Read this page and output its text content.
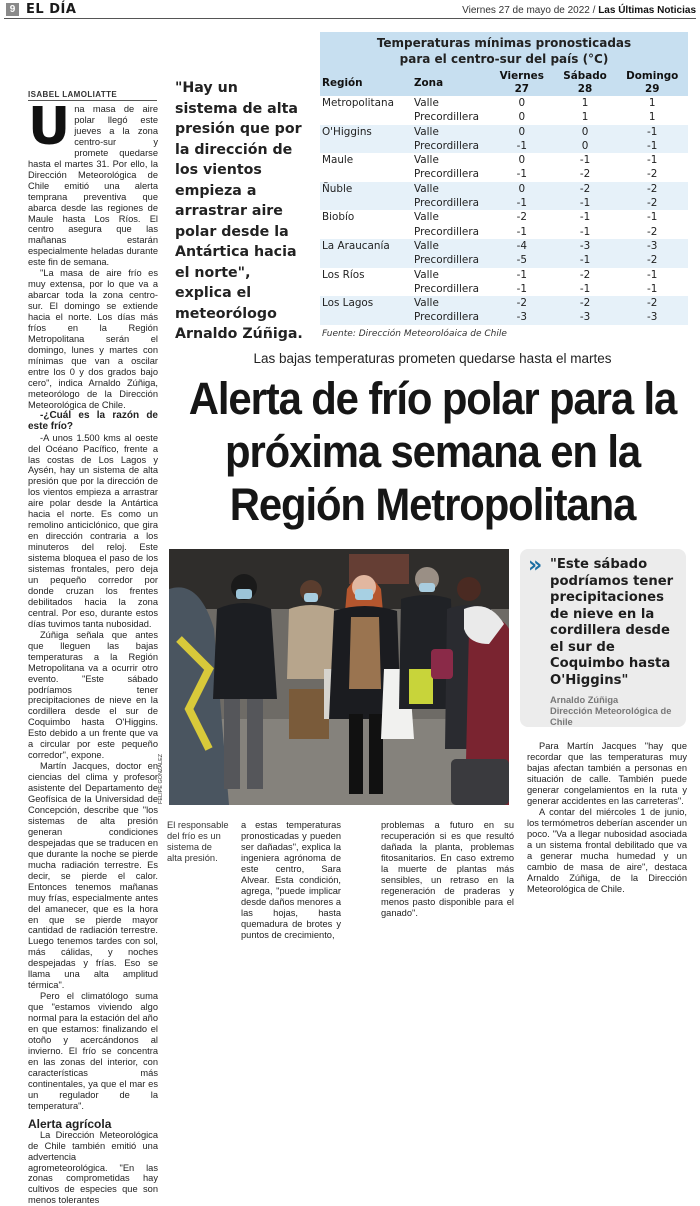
9 EL DÍA	Viernes 27 de mayo de 2022 / Las Últimas Noticias
ISABEL LAMOLIATTE

Una masa de aire polar llegó este jueves a la zona centro-sur y promete quedarse hasta el martes 31. Por ello, la Dirección Meteorológica de Chile emitió una alerta temprana preventiva que abarca desde las regiones de Maule hasta Los Ríos. El centro asegura que las mañanas estarán especialmente heladas durante este fin de semana.

"La masa de aire frío es muy extensa, por lo que va a abarcar toda la zona centro-sur. El domingo se extiende hacia el norte. Los días más fríos en la Región Metropolitana serán el domingo, lunes y martes con mínimas que van a oscilar entre los 0 y dos grados bajo cero", indica Arnaldo Zúñiga, meteorólogo de la Dirección Meteorológica de Chile.

-¿Cuál es la razón de este frío?

-A unos 1.500 kms al oeste del Océano Pacífico, frente a las costas de Los Lagos y Aysén, hay un sistema de alta presión que por la dirección de los vientos empieza a arrastrar aire polar desde la Antártica hacia el norte. Es como un remolino anticiclónico, que gira en dirección contraria a los minuteros del reloj. Este sistema bloquea el paso de los sistemas frontales, pero deja un pequeño corredor por donde cruzan los frentes debilitados hacia la zona central. Por eso, durante estos días tuvimos tanta nubosidad.

Zúñiga señala que antes que lleguen las bajas temperaturas a la Región Metropolitana va a ocurrir otro evento. "Este sábado podríamos tener precipitaciones de nieve en la cordillera desde el sur de Coquimbo hasta O'Higgins. Esto debido a un frente que va a circular por este pequeño corredor", expone.

Martín Jacques, doctor en ciencias del clima y profesor asistente del Departamento de Geofísica de la Universidad de Concepción, describe que "los sistemas de alta presión generan condiciones despejadas que se traducen en que durante la noche se pierde mucha radiación terrestre. Es decir, se pierde el calor. Entonces tenemos mañanas muy frías, especialmente antes del amanecer, que es la hora en que se pierde mayor cantidad de radiación terrestre. Luego tenemos tardes con sol, más cálidas, y noches despejadas y frías. Eso se llama una alta amplitud térmica".

Pero el climatólogo suma que "estamos viviendo algo normal para la estación del año en que estamos: finalizando el otoño y acercándonos al invierno. El frío se concentra en las zonas del interior, con características más continentales, ya que el mar es un regulador de la temperatura".

Alerta agrícola

La Dirección Meteorológica de Chile también emitió una advertencia agrometeorológica. "En las zonas comprometidas hay cultivos de especies que son menos tolerantes

"Hay un sistema de alta presión que por la dirección de los vientos empieza a arrastrar aire polar desde la Antártica hacia el norte", explica el meteorólogo Arnaldo Zúñiga.
Temperaturas mínimas pronosticadas
para el centro-sur del país (°C)
Región	Zona	Viernes 27	Sábado 28	Domingo 29
Metropolitana	Valle	0	1	1
	Precordillera	0	1	1
O'Higgins	Valle	0	0	-1
	Precordillera	-1	0	-1
Maule	Valle	0	-1	-1
	Precordillera	-1	-2	-2
Ñuble	Valle	0	-2	-2
	Precordillera	-1	-1	-2
Biobío	Valle	-2	-1	-1
	Precordillera	-1	-1	-2
La Araucanía	Valle	-4	-3	-3
	Precordillera	-5	-1	-2
Los Ríos	Valle	-1	-2	-1
	Precordillera	-1	-1	-1
Los Lagos	Valle	-2	-2	-2
	Precordillera	-3	-3	-3
Fuente: Dirección Meteorolóaica de Chile
Las bajas temperaturas prometen quedarse hasta el martes
Alerta de frío polar para la próxima semana en la Región Metropolitana
FELIPE GONZÁLEZ
El responsable del frío es un sistema de alta presión.

a estas temperaturas pronosticadas y pueden ser dañadas", explica la ingeniera agrónoma de este centro, Sara Alvear. Esta condición, agrega, "puede implicar desde daños menores a las hojas, hasta quemadura de brotes y puntos de crecimiento,

problemas a futuro en su recuperación si es que resultó dañada la planta, problemas fitosanitarios. En caso extremo la muerte de plantas más sensibles, un retraso en la regeneración de praderas y menos pasto disponible para el ganado".

» "Este sábado podríamos tener precipitaciones de nieve en la cordillera desde el sur de Coquimbo hasta O'Higgins"
Arnaldo Zúñiga
Dirección Meteorológica de Chile

Para Martín Jacques "hay que recordar que las temperaturas muy bajas afectan también a personas en situación de calle. También puede generar congelamientos en la ruta y generar accidentes en las carreteras".

A contar del miércoles 1 de junio, los termómetros deberían ascender un poco. "Va a llegar nubosidad asociada a un sistema frontal debilitado que va a generar mucha humedad y un cambio de masa de aire", destaca Arnaldo Zúñiga, de la Dirección Meteorológica de Chile.
